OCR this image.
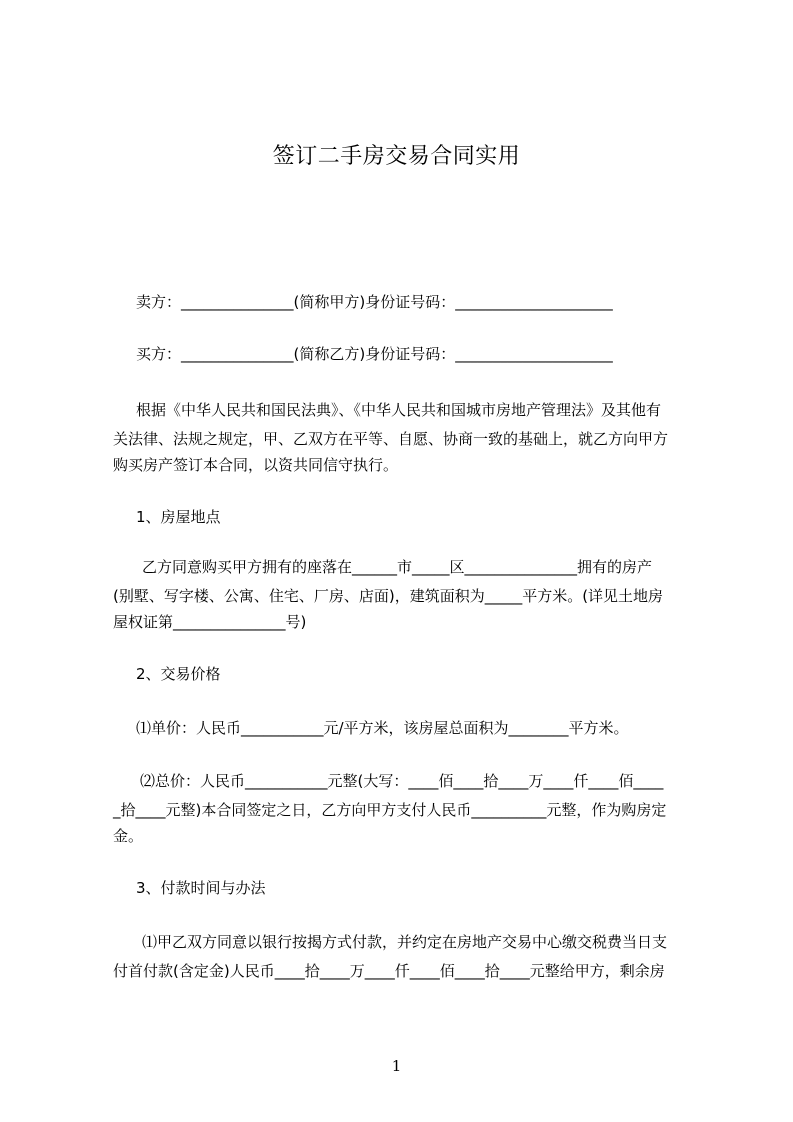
签订二手房交易合同实用
卖方：_______________(简称甲方)身份证号码：_____________________
买方：_______________(简称乙方)身份证号码：_____________________
根据《中华人民共和国民法典》、《中华人民共和国城市房地产管理法》及其他有
关法律、法规之规定，甲、乙双方在平等、自愿、协商一致的基础上，就乙方向甲方
购买房产签订本合同，以资共同信守执行。
1、房屋地点
乙方同意购买甲方拥有的座落在______市_____区_______________拥有的房产
(别墅、写字楼、公寓、住宅、厂房、店面)，建筑面积为_____平方米。(详见土地房
屋权证第_______________号)
2、交易价格
⑴单价：人民币___________元/平方米，该房屋总面积为________平方米。
⑵总价：人民币___________元整(大写：____佰____拾____万____仟____佰____
_拾____元整)本合同签定之日，乙方向甲方支付人民币__________元整，作为购房定
金。
3、付款时间与办法
⑴甲乙双方同意以银行按揭方式付款，并约定在房地产交易中心缴交税费当日支
付首付款(含定金)人民币____拾____万____仟____佰____拾____元整给甲方，剩余房
1
